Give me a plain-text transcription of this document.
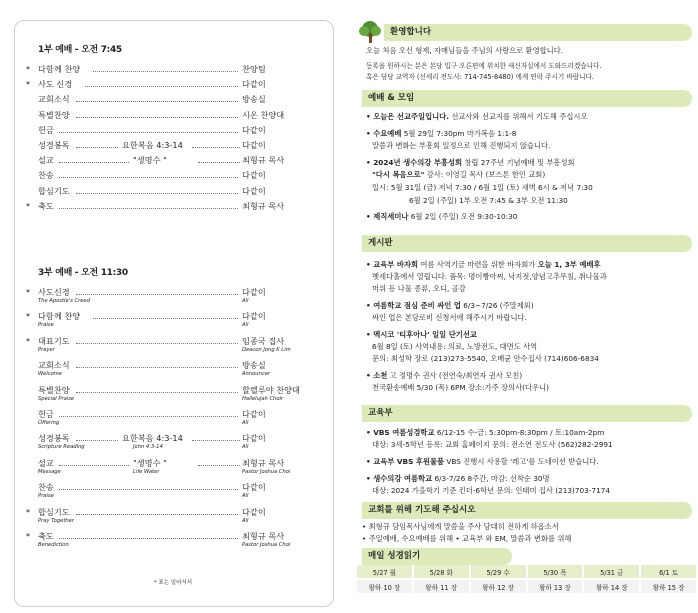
1부 예배 - 오전 7:45
* 다함께 찬양	찬양팀
* 사도 신경	다같이
교회소식	방송실
특별찬양	시온 찬양대
헌금	다같이
성경봉독	요한복음 4:3-14	다같이
설교	"생명수 "	최형규 목사
찬송	다같이
합심기도	다같이
* 축도	최형규 목사
3부 예배 - 오전 11:30
* 사도신경	다같이
The Apostle's Creed	All
* 다함께 찬양	다같이
Praise	All
* 대표기도	임종국 집사
Prayer	Deacon Jong K Lim
교회소식	방송실
Welcome	Announcer
특별찬양	할렐루야 찬양대
Special Praise	Hallelujah Choir
헌금	다같이
Offering	All
성경봉독	요한복음 4:3-14	다같이
Scripture Reading	John 4:3-14	All
설교	"생명수 "	최형규 목사
Message	Life Water	Pastor Joshua Choi
찬송	다같이
Praise	All
* 합심기도	다같이
Pray Together	All
* 축도	최형규 목사
Benediction	Pastor Joshua Choi
* 표는 일어서서
환영합니다
오늘 처음 오신 형제, 자매님들을 주님의 사랑으로 환영합니다.
등록을 원하시는 분은 본당 입구 오른편에 위치한 새신자실에서 도와드리겠습니다.
혹은 담당 교역자 (선세리 전도사: 714-745-8480) 에게 연락 주시기 바랍니다.
예배 & 모임
• 오늘은 선교주일입니다. 선교사와 선교지를 위해서 기도해 주십시오
• 수요예배 5월 29일 7:30pm 마가복음 1:1-8
말씀과 변화는 부흥회 일정으로 인해 진행되지 않습니다.
• 2024년 생수의강 부흥성회 창립 27주년 기념예배 및 부흥성회
"다시 복음으로" 강사: 이영길 목사 (보스톤 한인 교회)
일시: 5월 31일 (금) 저녁 7:30 / 6월 1일 (토) 새벽 6시 & 저녁 7:30
6월 2일 (주일) 1부 오전 7:45 & 3부 오전 11:30
• 제직세미나 6월 2일 (주일) 오전 9:30-10:30
게시판
• 교육부 바자회 여름 사역기금 마련을 위한 바자회가 오늘 1, 3부 예배후
벳세다홀에서 열립니다. 품목: 명이빵아찌, 낙지젓,양념고추무침, 취나물과
머위 등 나물 종류, 오디, 골감
• 여름학교 점심 준비 싸인 업 6/3~7/26 (주말제외)
싸인 업은 본당로비 신청서에 해주시기 바랍니다.
• 멕시코 '티후아나' 일일 단기선교
6월 8일 (토) 사역내용: 의료, 노방전도, 대면도 사역
문의: 최성학 장로 (213)273-5540, 오배균 안수집사 (714)606-6834
• 소천 고 정명수 권사 (전연숙/최연자 권사 모친)
천국환송예배 5/30 (목) 6PM 장소:가주 장의사(다우니)
교육부
• VBS 여름성경학교 6/12-15 수-금: 5:30pm-8:30pm / 토:10am-2pm
대상: 3세-5학년 등록: 교회 홈페이지 문의: 전소연 전도사 (562)282-2991
• 교육부 VBS 후원물품 VBS 진행시 사용할 '레고'를 도네이션 받습니다.
• 생수의강 여름학교 6/3-7/26 8주간, 마감: 선착순 30명
대상: 2024 가을학기 기준 킨더-6학년 문의: 인태미 집사 (213)703-7174
교회를 위해 기도해 주십시오
• 최형규 담임목사님에게 말씀을 주사 담대히 전하게 하옵소서
• 주일예배, 수요예배를 위해 • 교육부 와 EM, 말씀과 변화를 위해
매일 성경읽기
5/27 월	5/28 화	5/29 수	5/30 목	5/31 금	6/1 토
왕하 10 장	왕하 11 장	왕하 12 장	왕하 13 장	왕하 14 장	왕하 15 장
